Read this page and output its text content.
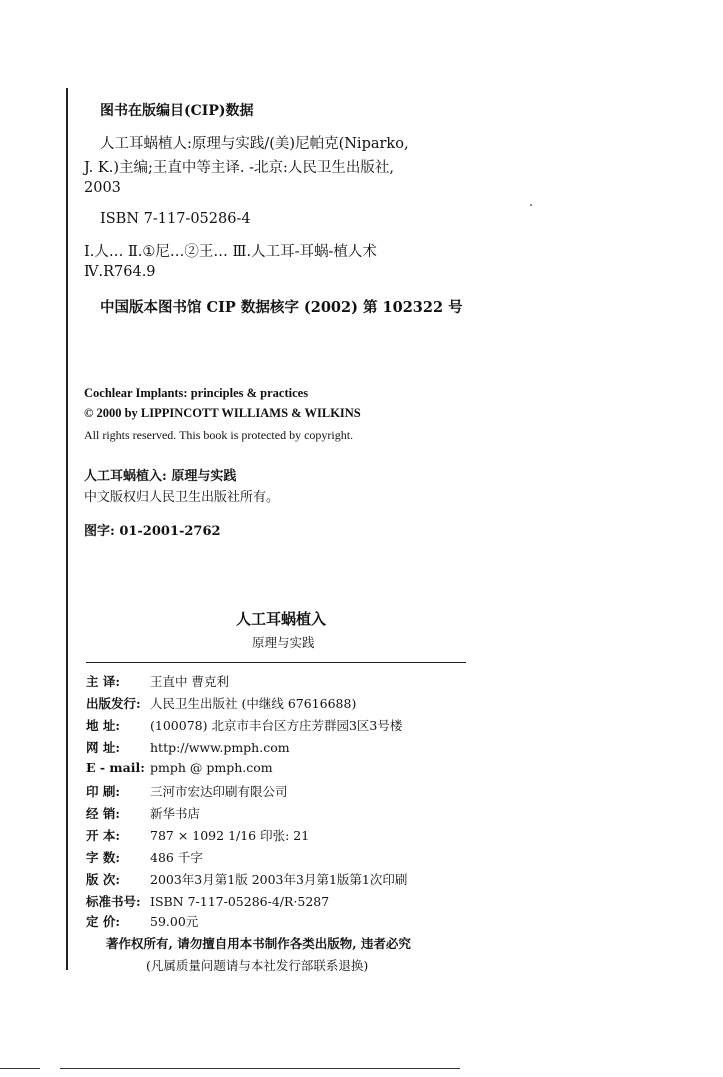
图书在版编目(CIP)数据
人工耳蜗植人:原理与实践/(美)尼帕克(Niparko,
J. K.)主编;王直中等主译. -北京:人民卫生出版社,
2003
ISBN 7-117-05286-4
Ⅰ.人… Ⅱ.①尼…②王… Ⅲ.人工耳-耳蜗-植人术
Ⅳ.R764.9
中国版本图书馆 CIP 数据核字 (2002) 第 102322 号
Cochlear Implants: principles & practices
© 2000 by LIPPINCOTT WILLIAMS & WILKINS
All rights reserved. This book is protected by copyright.
人工耳蜗植入: 原理与实践
中文版权归人民卫生出版社所有。
图字: 01-2001-2762
人工耳蜗植入
原理与实践
主 译: 王直中 曹克利
出版发行: 人民卫生出版社 (中继线 67616688)
地 址: (100078) 北京市丰台区方庄芳群园3区3号楼
网 址: http://www.pmph.com
E - mail: pmph @ pmph.com
印 刷: 三河市宏达印刷有限公司
经 销: 新华书店
开 本: 787 × 1092 1/16 印张: 21
字 数: 486 千字
版 次: 2003年3月第1版 2003年3月第1版第1次印刷
标准书号: ISBN 7-117-05286-4/R·5287
定 价: 59.00元
著作权所有, 请勿擅自用本书制作各类出版物, 违者必究
(凡属质量问题请与本社发行部联系退换)
